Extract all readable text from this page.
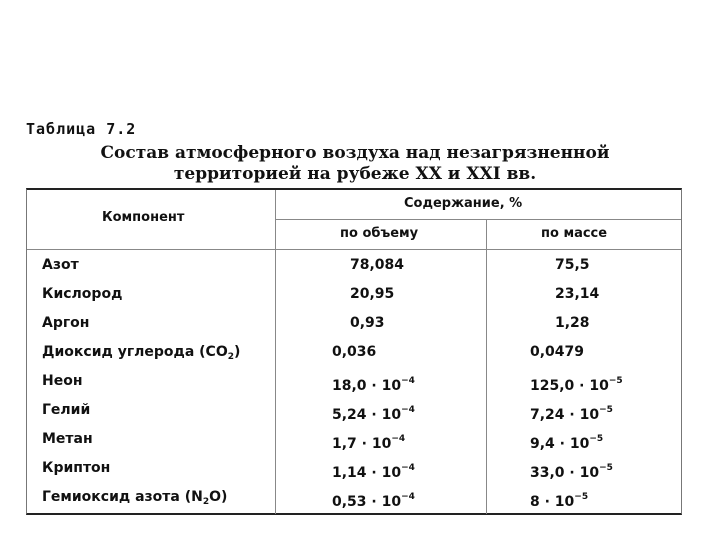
Таблица 7.2
Состав атмосферного воздуха над незагрязненной
территорией на рубеже XX и XXI вв.
Компонент
Содержание, %
по объему	по массе
Азот	78,084	75,5
Кислород	20,95	23,14
Аргон	0,93	1,28
Диоксид углерода $(CO_2)$	0,036	0,0479
Неон	$18,0 \cdot 10^{-4}$	$125,0 \cdot 10^{-5}$
Гелий	$5,24 \cdot 10^{-4}$	$7,24 \cdot 10^{-5}$
Метан	$1,7 \cdot 10^{-4}$	$9,4 \cdot 10^{-5}$
Криптон	$1,14 \cdot 10^{-4}$	$33,0 \cdot 10^{-5}$
Гемиоксид азота $(N_2O)$	$0,53 \cdot 10^{-4}$	$8 \cdot 10^{-5}$
